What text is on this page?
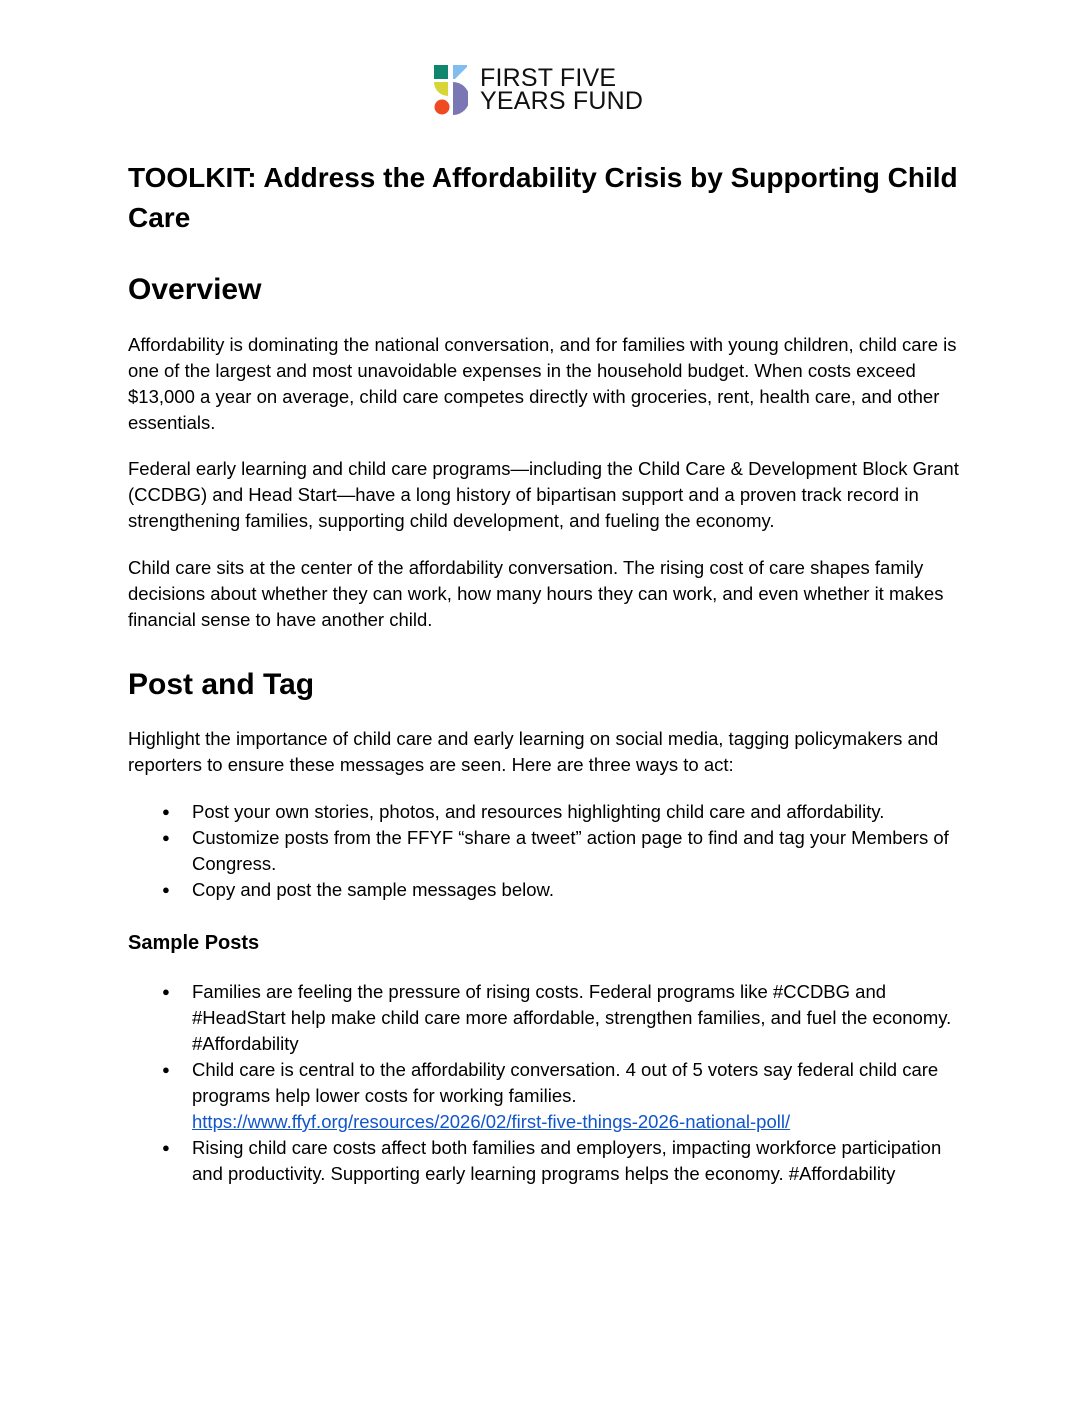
FIRST FIVE
YEARS FUND
TOOLKIT: Address the Affordability Crisis by Supporting Child Care
Overview

Affordability is dominating the national conversation, and for families with young children, child care is one of the largest and most unavoidable expenses in the household budget. When costs exceed $13,000 a year on average, child care competes directly with groceries, rent, health care, and other essentials.

Federal early learning and child care programs—including the Child Care & Development Block Grant (CCDBG) and Head Start—have a long history of bipartisan support and a proven track record in strengthening families, supporting child development, and fueling the economy.

Child care sits at the center of the affordability conversation. The rising cost of care shapes family decisions about whether they can work, how many hours they can work, and even whether it makes financial sense to have another child.

Post and Tag

Highlight the importance of child care and early learning on social media, tagging policymakers and reporters to ensure these messages are seen. Here are three ways to act:

● Post your own stories, photos, and resources highlighting child care and affordability.
● Customize posts from the FFYF “share a tweet” action page to find and tag your Members of Congress.
● Copy and post the sample messages below.
Sample Posts
● Families are feeling the pressure of rising costs. Federal programs like #CCDBG and #HeadStart help make child care more affordable, strengthen families, and fuel the economy. #Affordability
● Child care is central to the affordability conversation. 4 out of 5 voters say federal child care programs help lower costs for working families.
https://www.ffyf.org/resources/2026/02/first-five-things-2026-national-poll/
● Rising child care costs affect both families and employers, impacting workforce participation and productivity. Supporting early learning programs helps the economy. #Affordability
